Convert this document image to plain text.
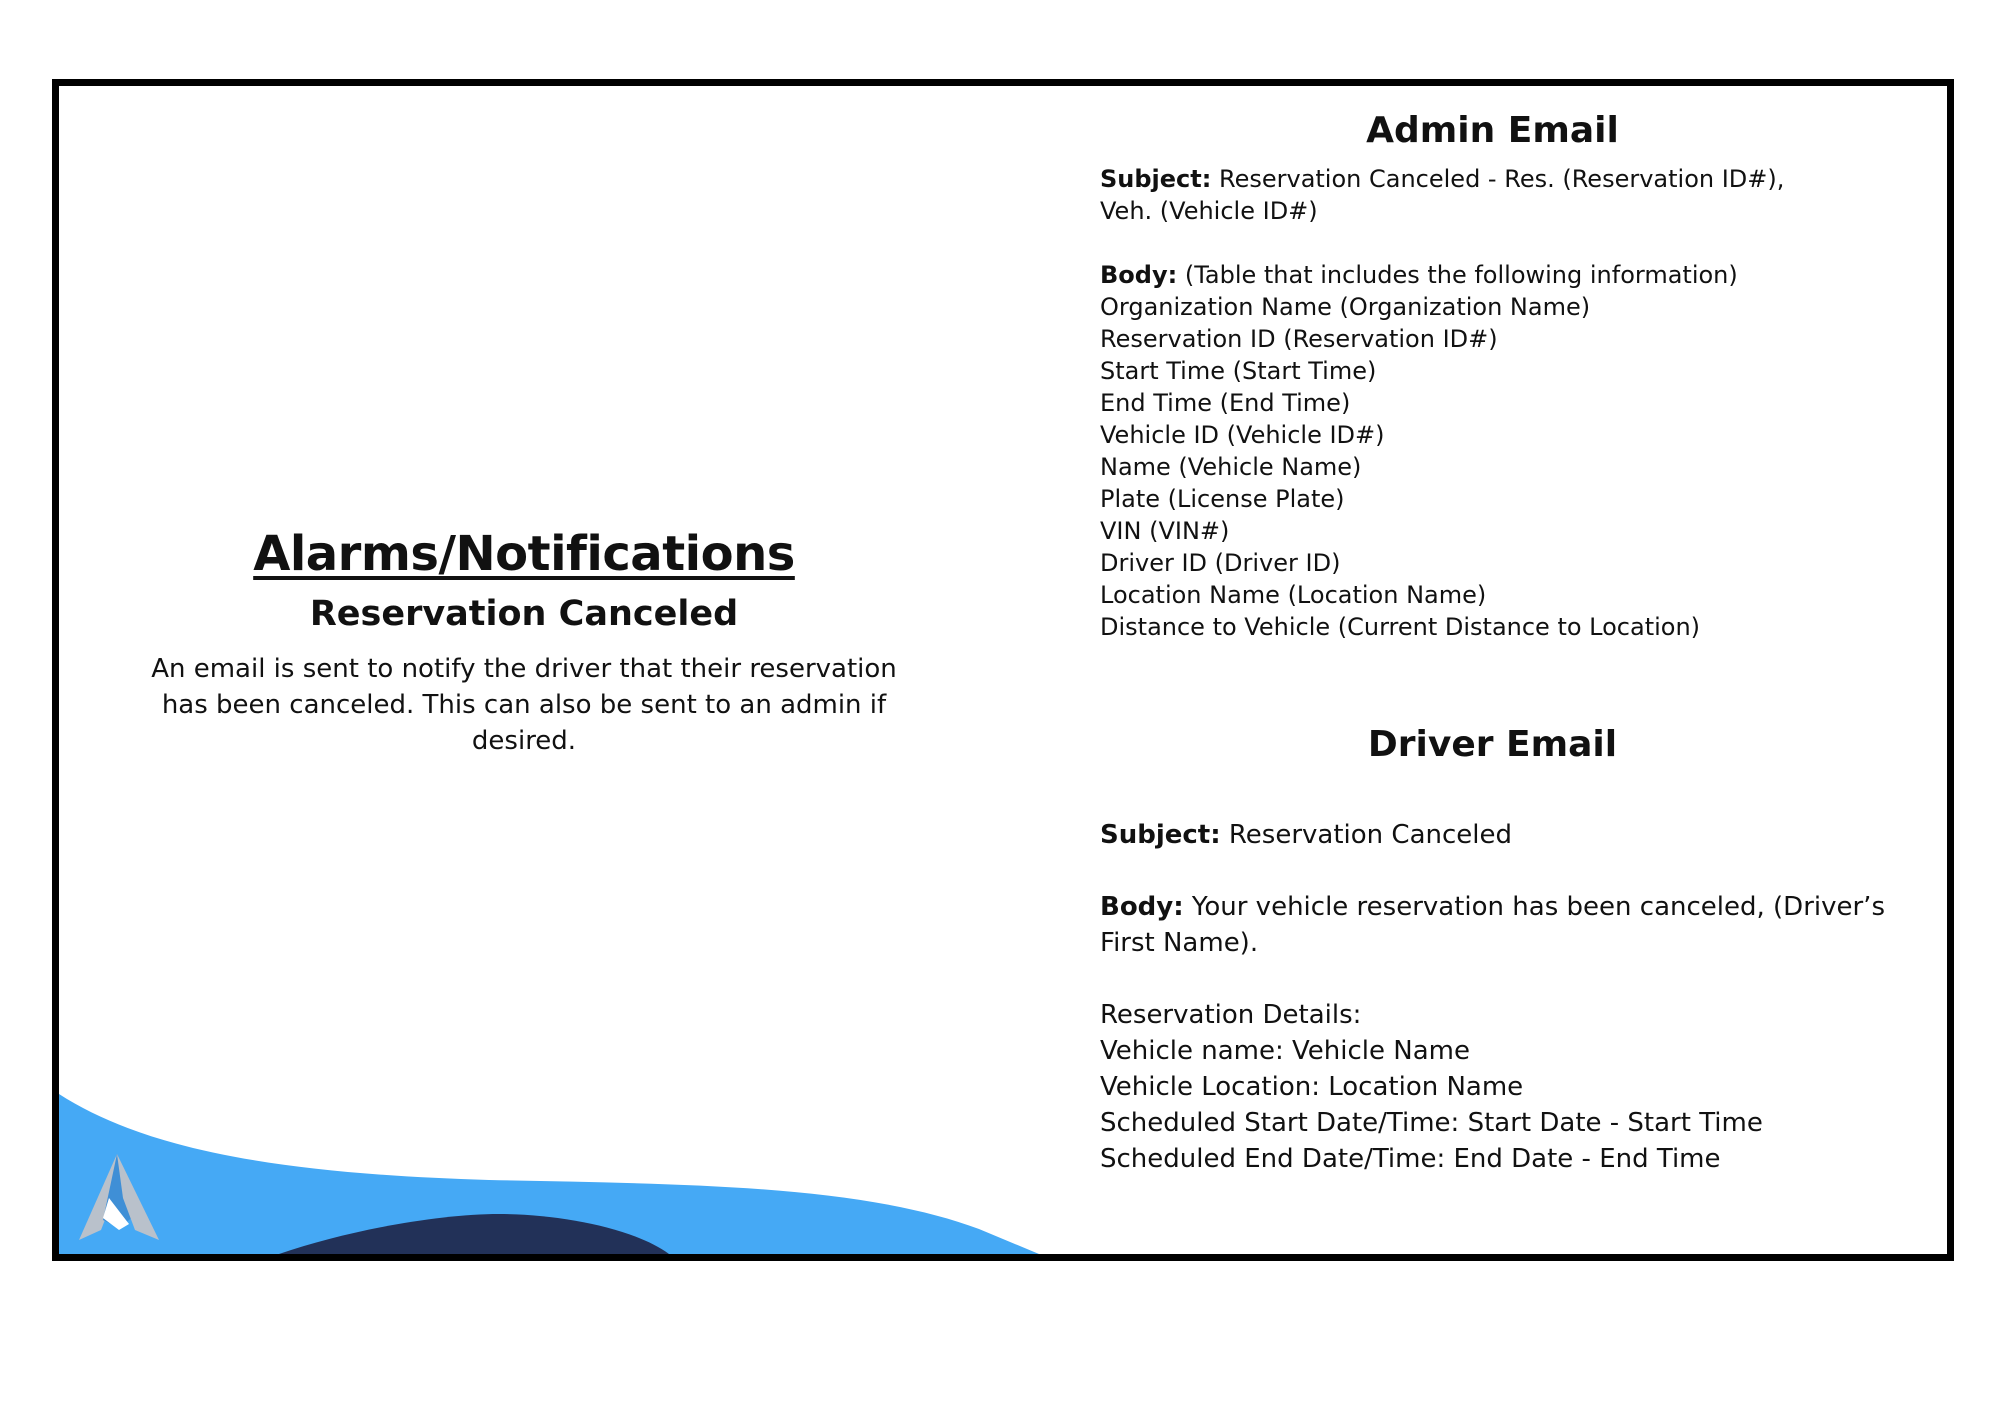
Alarms/Notifications
Reservation Canceled

An email is sent to notify the driver that their reservation has been canceled. This can also be sent to an admin if desired.

Admin Email
Subject: Reservation Canceled - Res. (Reservation ID#),
Veh. (Vehicle ID#)
Body: (Table that includes the following information)
Organization Name (Organization Name)
Reservation ID (Reservation ID#)
Start Time (Start Time)
End Time (End Time)
Vehicle ID (Vehicle ID#)
Name (Vehicle Name)
Plate (License Plate)
VIN (VIN#)
Driver ID (Driver ID)
Location Name (Location Name)
Distance to Vehicle (Current Distance to Location)
Driver Email
Subject: Reservation Canceled
Body: Your vehicle reservation has been canceled, (Driver’s First Name).
Reservation Details:
Vehicle name: Vehicle Name
Vehicle Location: Location Name
Scheduled Start Date/Time: Start Date - Start Time
Scheduled End Date/Time: End Date - End Time
